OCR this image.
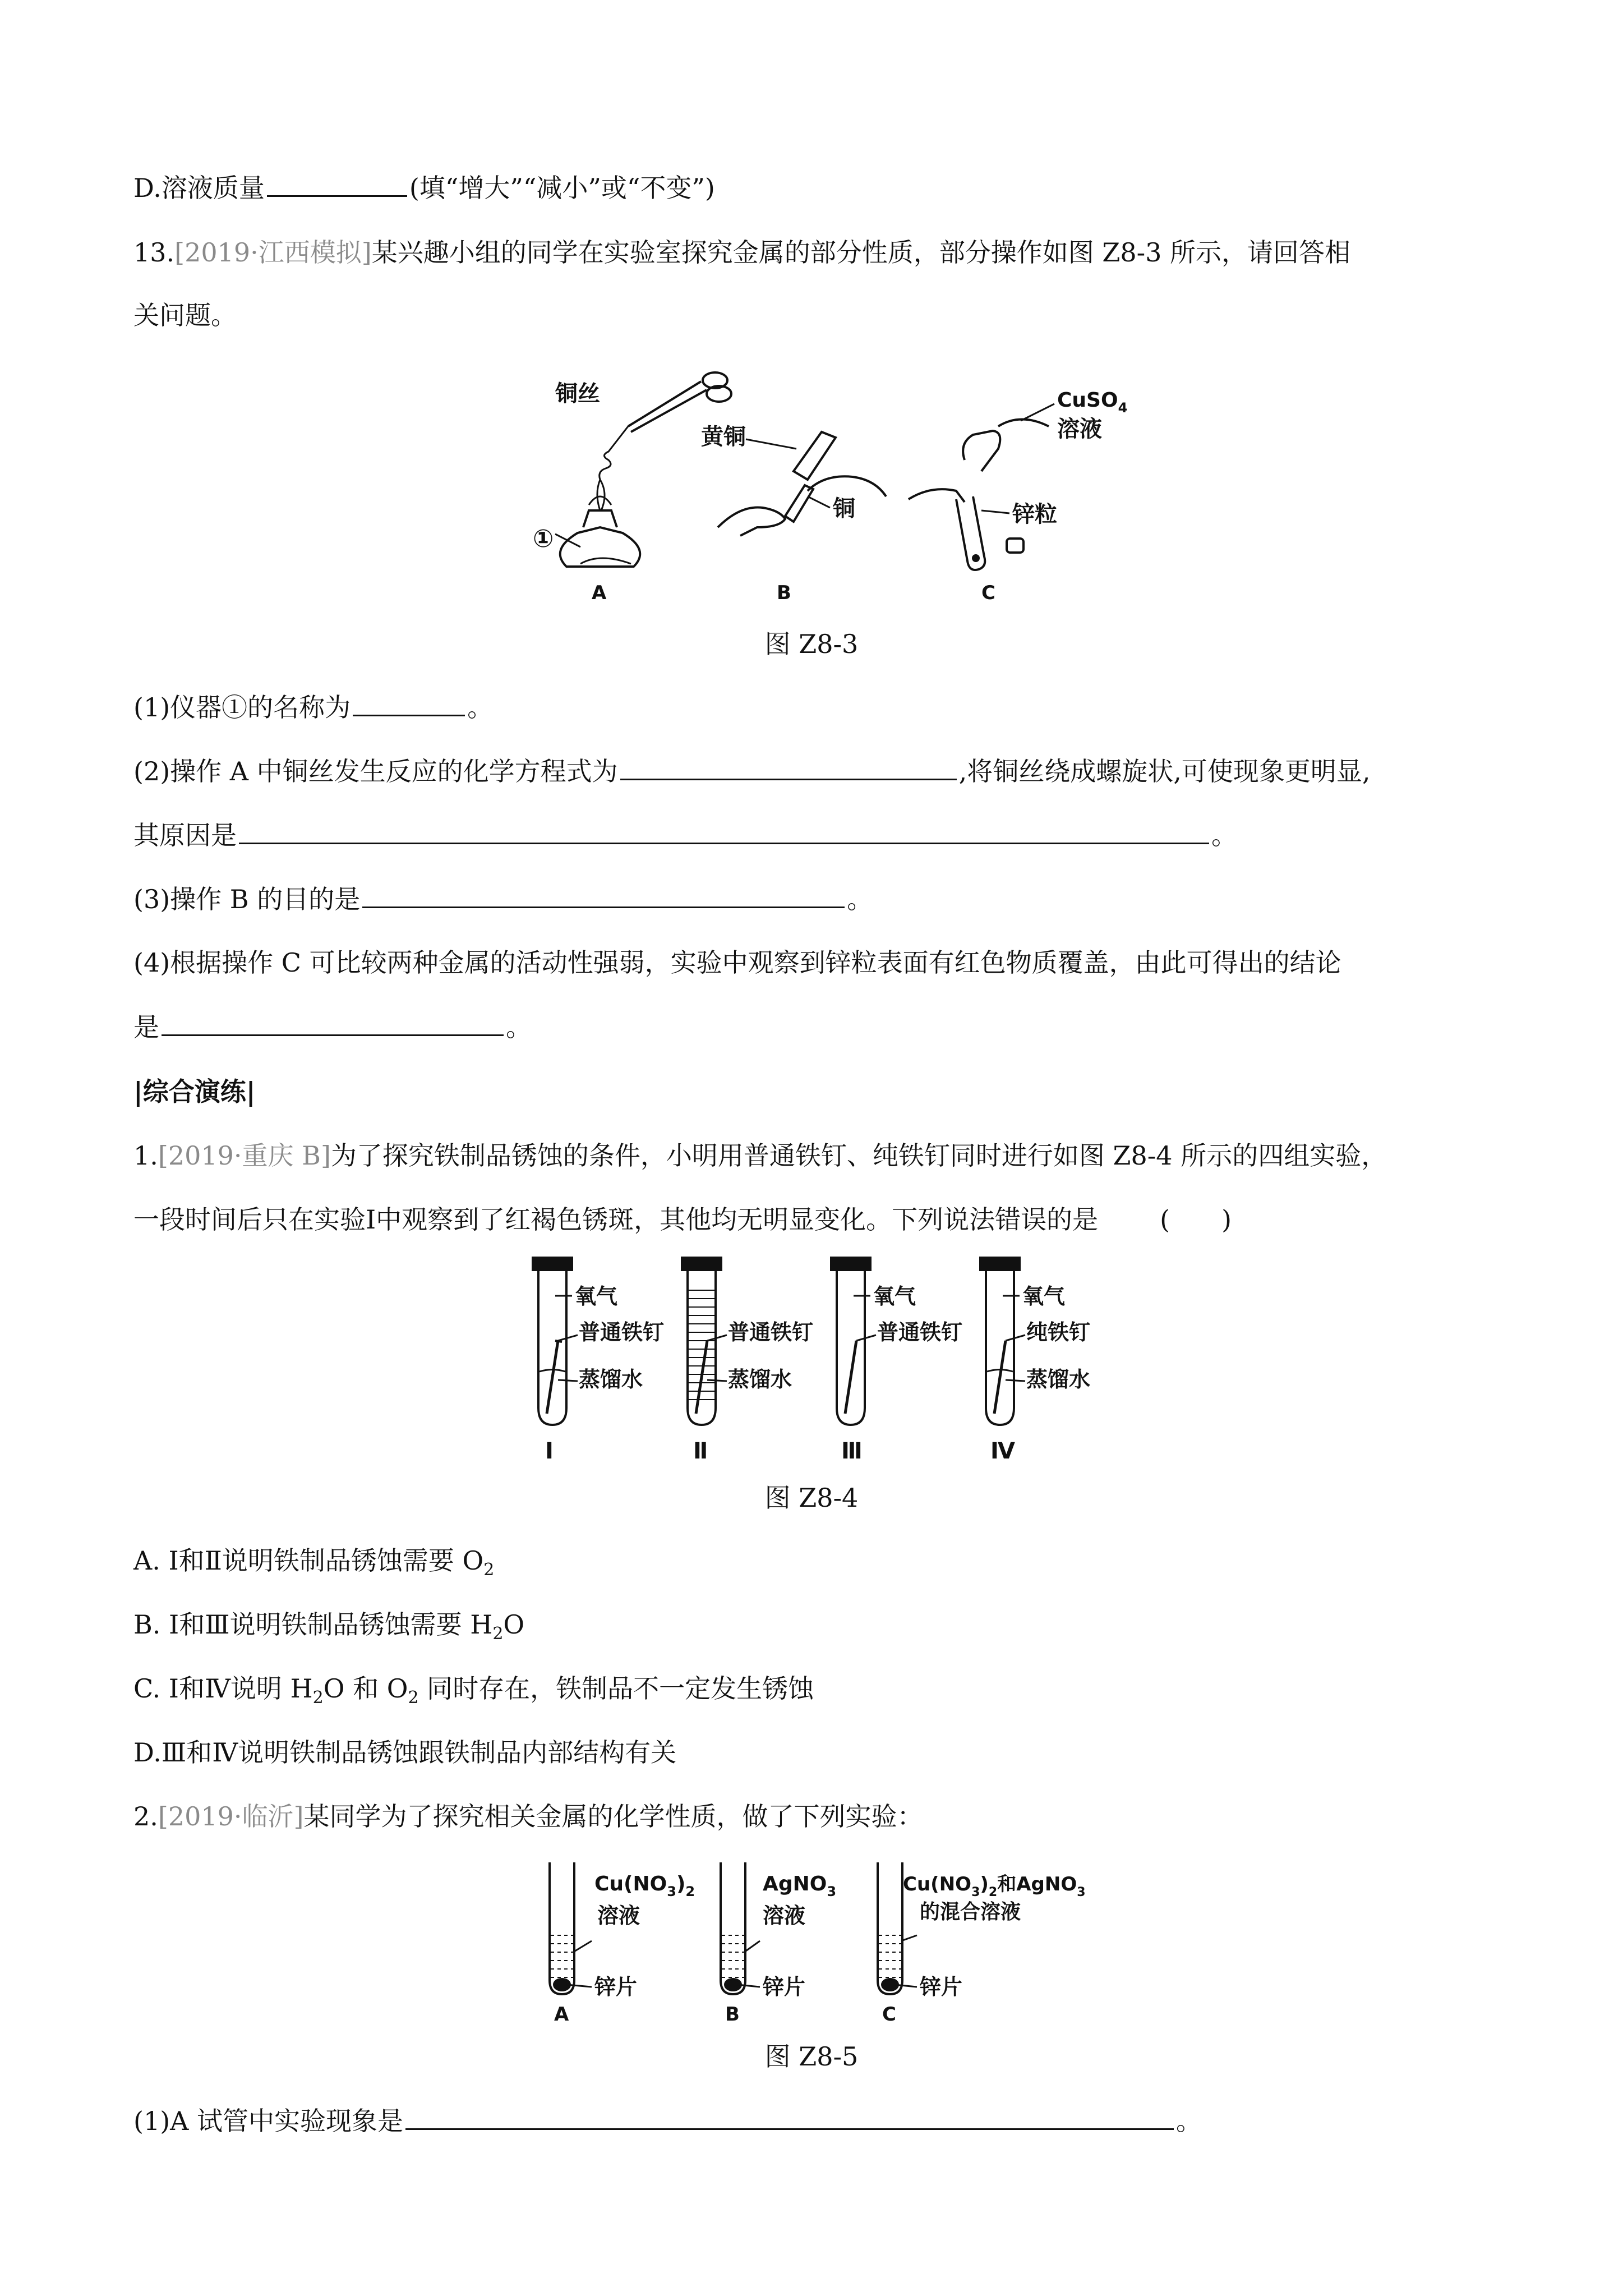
D.溶液质量	(填“增大”“减小”或“不变”)
13.[2019·江西模拟]某兴趣小组的同学在实验室探究金属的部分性质，部分操作如图 Z8-3 所示，请回答相
关问题。
铜丝
①
黄铜
铜
CuSO$_4$
溶液
锌粒
A	B	C
图 Z8-3
(1)仪器①的名称为	。
(2)操作 A 中铜丝发生反应的化学方程式为	,将铜丝绕成螺旋状,可使现象更明显,
其原因是	。
(3)操作 B 的目的是	。
(4)根据操作 C 可比较两种金属的活动性强弱，实验中观察到锌粒表面有红色物质覆盖，由此可得出的结论
是	。
|综合演练|
1.[2019·重庆 B]为了探究铁制品锈蚀的条件，小明用普通铁钉、纯铁钉同时进行如图 Z8-4 所示的四组实验，
一段时间后只在实验Ⅰ中观察到了红褐色锈斑，其他均无明显变化。下列说法错误的是 (　　)
氧气
普通铁钉
蒸馏水
普通铁钉
蒸馏水
氧气
普通铁钉
氧气
纯铁钉
蒸馏水
Ⅰ	Ⅱ	Ⅲ	Ⅳ
图 Z8-4
A. Ⅰ和Ⅱ说明铁制品锈蚀需要 $O_2$
B. Ⅰ和Ⅲ说明铁制品锈蚀需要 $H_2O$
C. Ⅰ和Ⅳ说明 $H_2O$ 和 $O_2$ 同时存在，铁制品不一定发生锈蚀
D.Ⅲ和Ⅳ说明铁制品锈蚀跟铁制品内部结构有关
2.[2019·临沂]某同学为了探究相关金属的化学性质，做了下列实验：
$Cu(NO_3)_2$
溶液
锌片
AgNO$_3$
溶液
锌片
$Cu(NO_3)_2$和AgNO$_3$
的混合溶液
锌片
A	B	C
图 Z8-5
(1)A 试管中实验现象是	。
